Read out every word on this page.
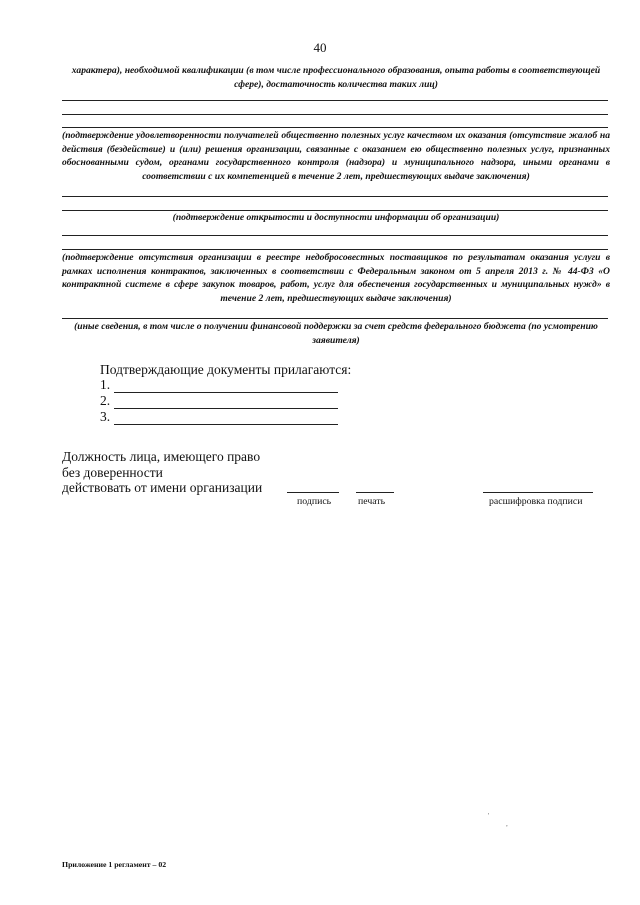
40
характера), необходимой квалификации (в том числе профессионального образования, опыта работы в соответствующей сфере), достаточность количества таких лиц)
(подтверждение удовлетворенности получателей общественно полезных услуг качеством их оказания (отсутствие жалоб на действия (бездействие) и (или) решения организации, связанные с оказанием ею общественно полезных услуг, признанных обоснованными судом, органами государственного контроля (надзора) и муниципального надзора, иными органами в соответствии с их компетенцией в течение 2 лет, предшествующих выдаче заключения)
(подтверждение открытости и доступности информации об организации)
(подтверждение отсутствия организации в реестре недобросовестных поставщиков по результатам оказания услуги в рамках исполнения контрактов, заключенных в соответствии с Федеральным законом от 5 апреля 2013 г. № 44-ФЗ «О контрактной системе в сфере закупок товаров, работ, услуг для обеспечения государственных и муниципальных нужд» в течение 2 лет, предшествующих выдаче заключения)
(иные сведения, в том числе о получении финансовой поддержки за счет средств федерального бюджета (по усмотрению заявителя)
Подтверждающие документы прилагаются:
1.
2.
3.
Должность лица, имеющего право
без доверенности
действовать от имени организации
подпись	печать	расшифровка подписи
'
,
Приложение 1 регламент – 02
